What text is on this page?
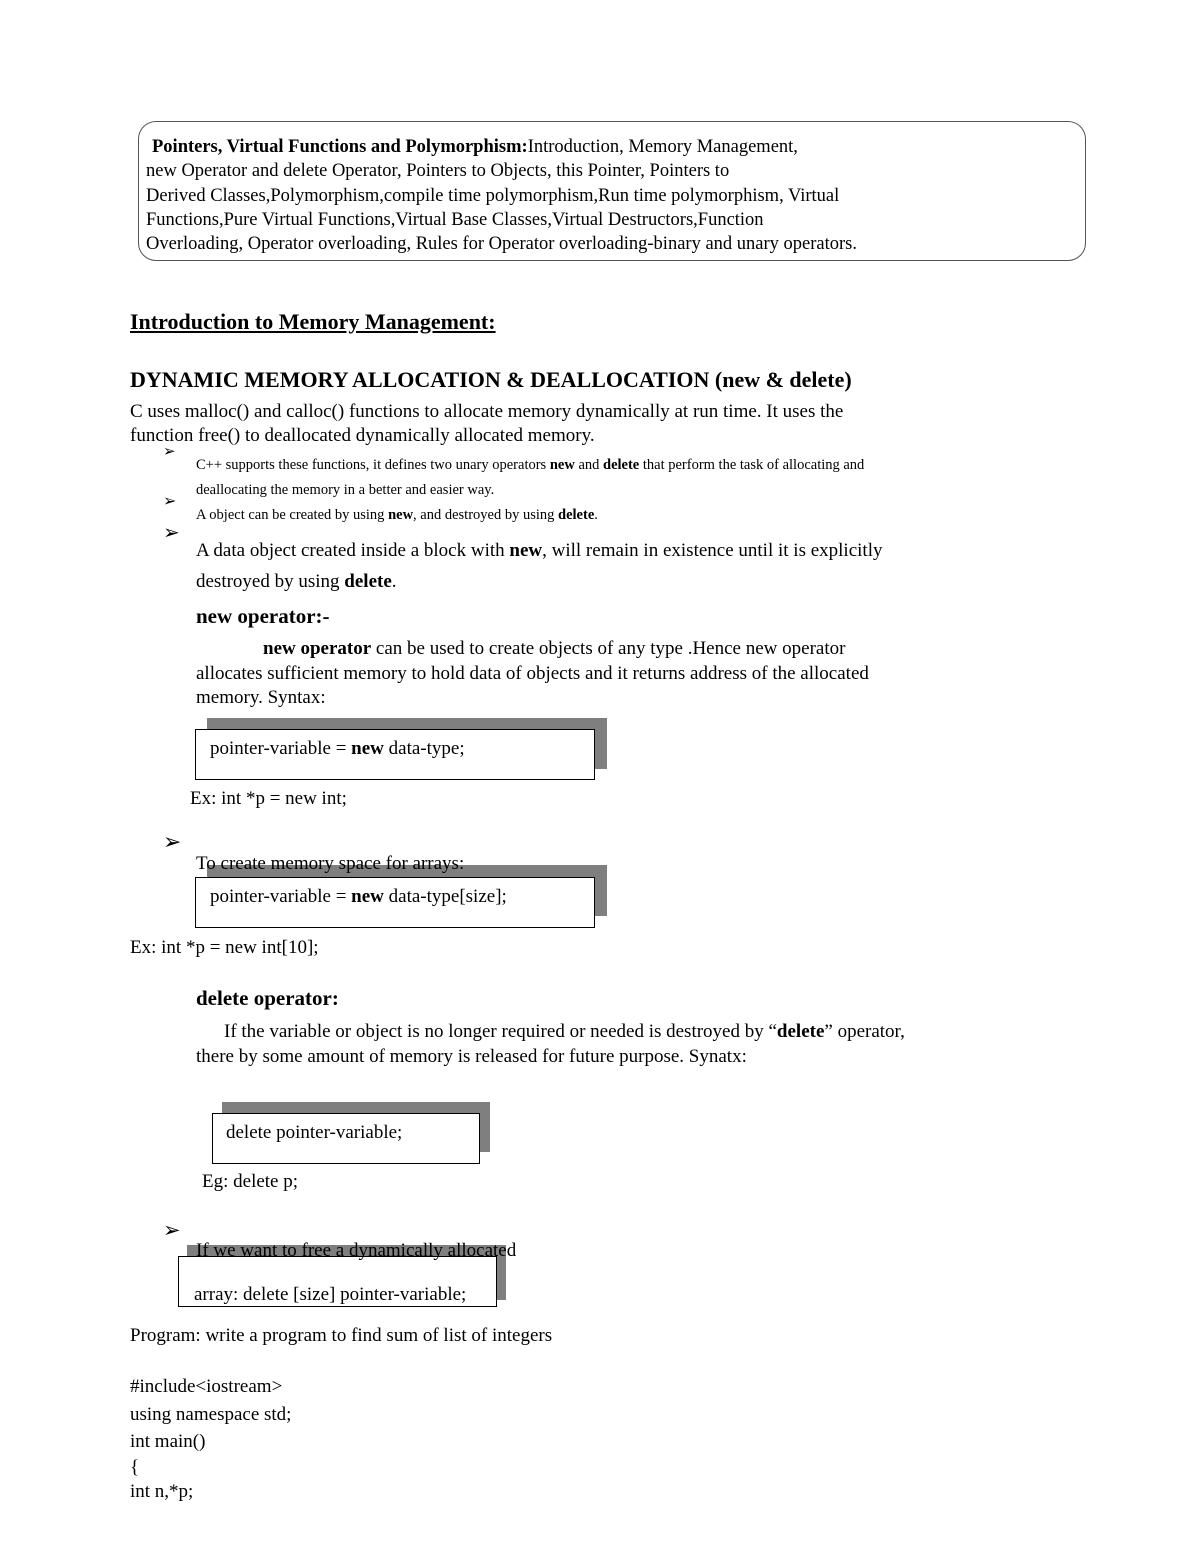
Pointers, Virtual Functions and Polymorphism:Introduction, Memory Management,
new Operator and delete Operator, Pointers to Objects, this Pointer, Pointers to
Derived Classes,Polymorphism,compile time polymorphism,Run time polymorphism, Virtual
Functions,Pure Virtual Functions,Virtual Base Classes,Virtual Destructors,Function
Overloading, Operator overloading, Rules for Operator overloading-binary and unary operators.
Introduction to Memory Management:
DYNAMIC MEMORY ALLOCATION & DEALLOCATION (new & delete)
C uses malloc() and calloc() functions to allocate memory dynamically at run time. It uses the
function free() to deallocated dynamically allocated memory.
➢
C++ supports these functions, it defines two unary operators new and delete that perform the task of allocating and
deallocating the memory in a better and easier way.
➢
A object can be created by using new, and destroyed by using delete.
➢
A data object created inside a block with new, will remain in existence until it is explicitly
destroyed by using delete.
new operator:-
new operator can be used to create objects of any type .Hence new operator
allocates sufficient memory to hold data of objects and it returns address of the allocated
memory. Syntax:
pointer-variable = new data-type;
Ex: int *p = new int;
➢
To create memory space for arrays:
pointer-variable = new data-type[size];
Ex: int *p = new int[10];
delete operator:
If the variable or object is no longer required or needed is destroyed by “delete” operator,
there by some amount of memory is released for future purpose. Synatx:
delete pointer-variable;
Eg: delete p;
➢
If we want to free a dynamically allocated
array: delete [size] pointer-variable;
Program: write a program to find sum of list of integers
#include<iostream>
using namespace std;
int main()
{
int n,*p;
